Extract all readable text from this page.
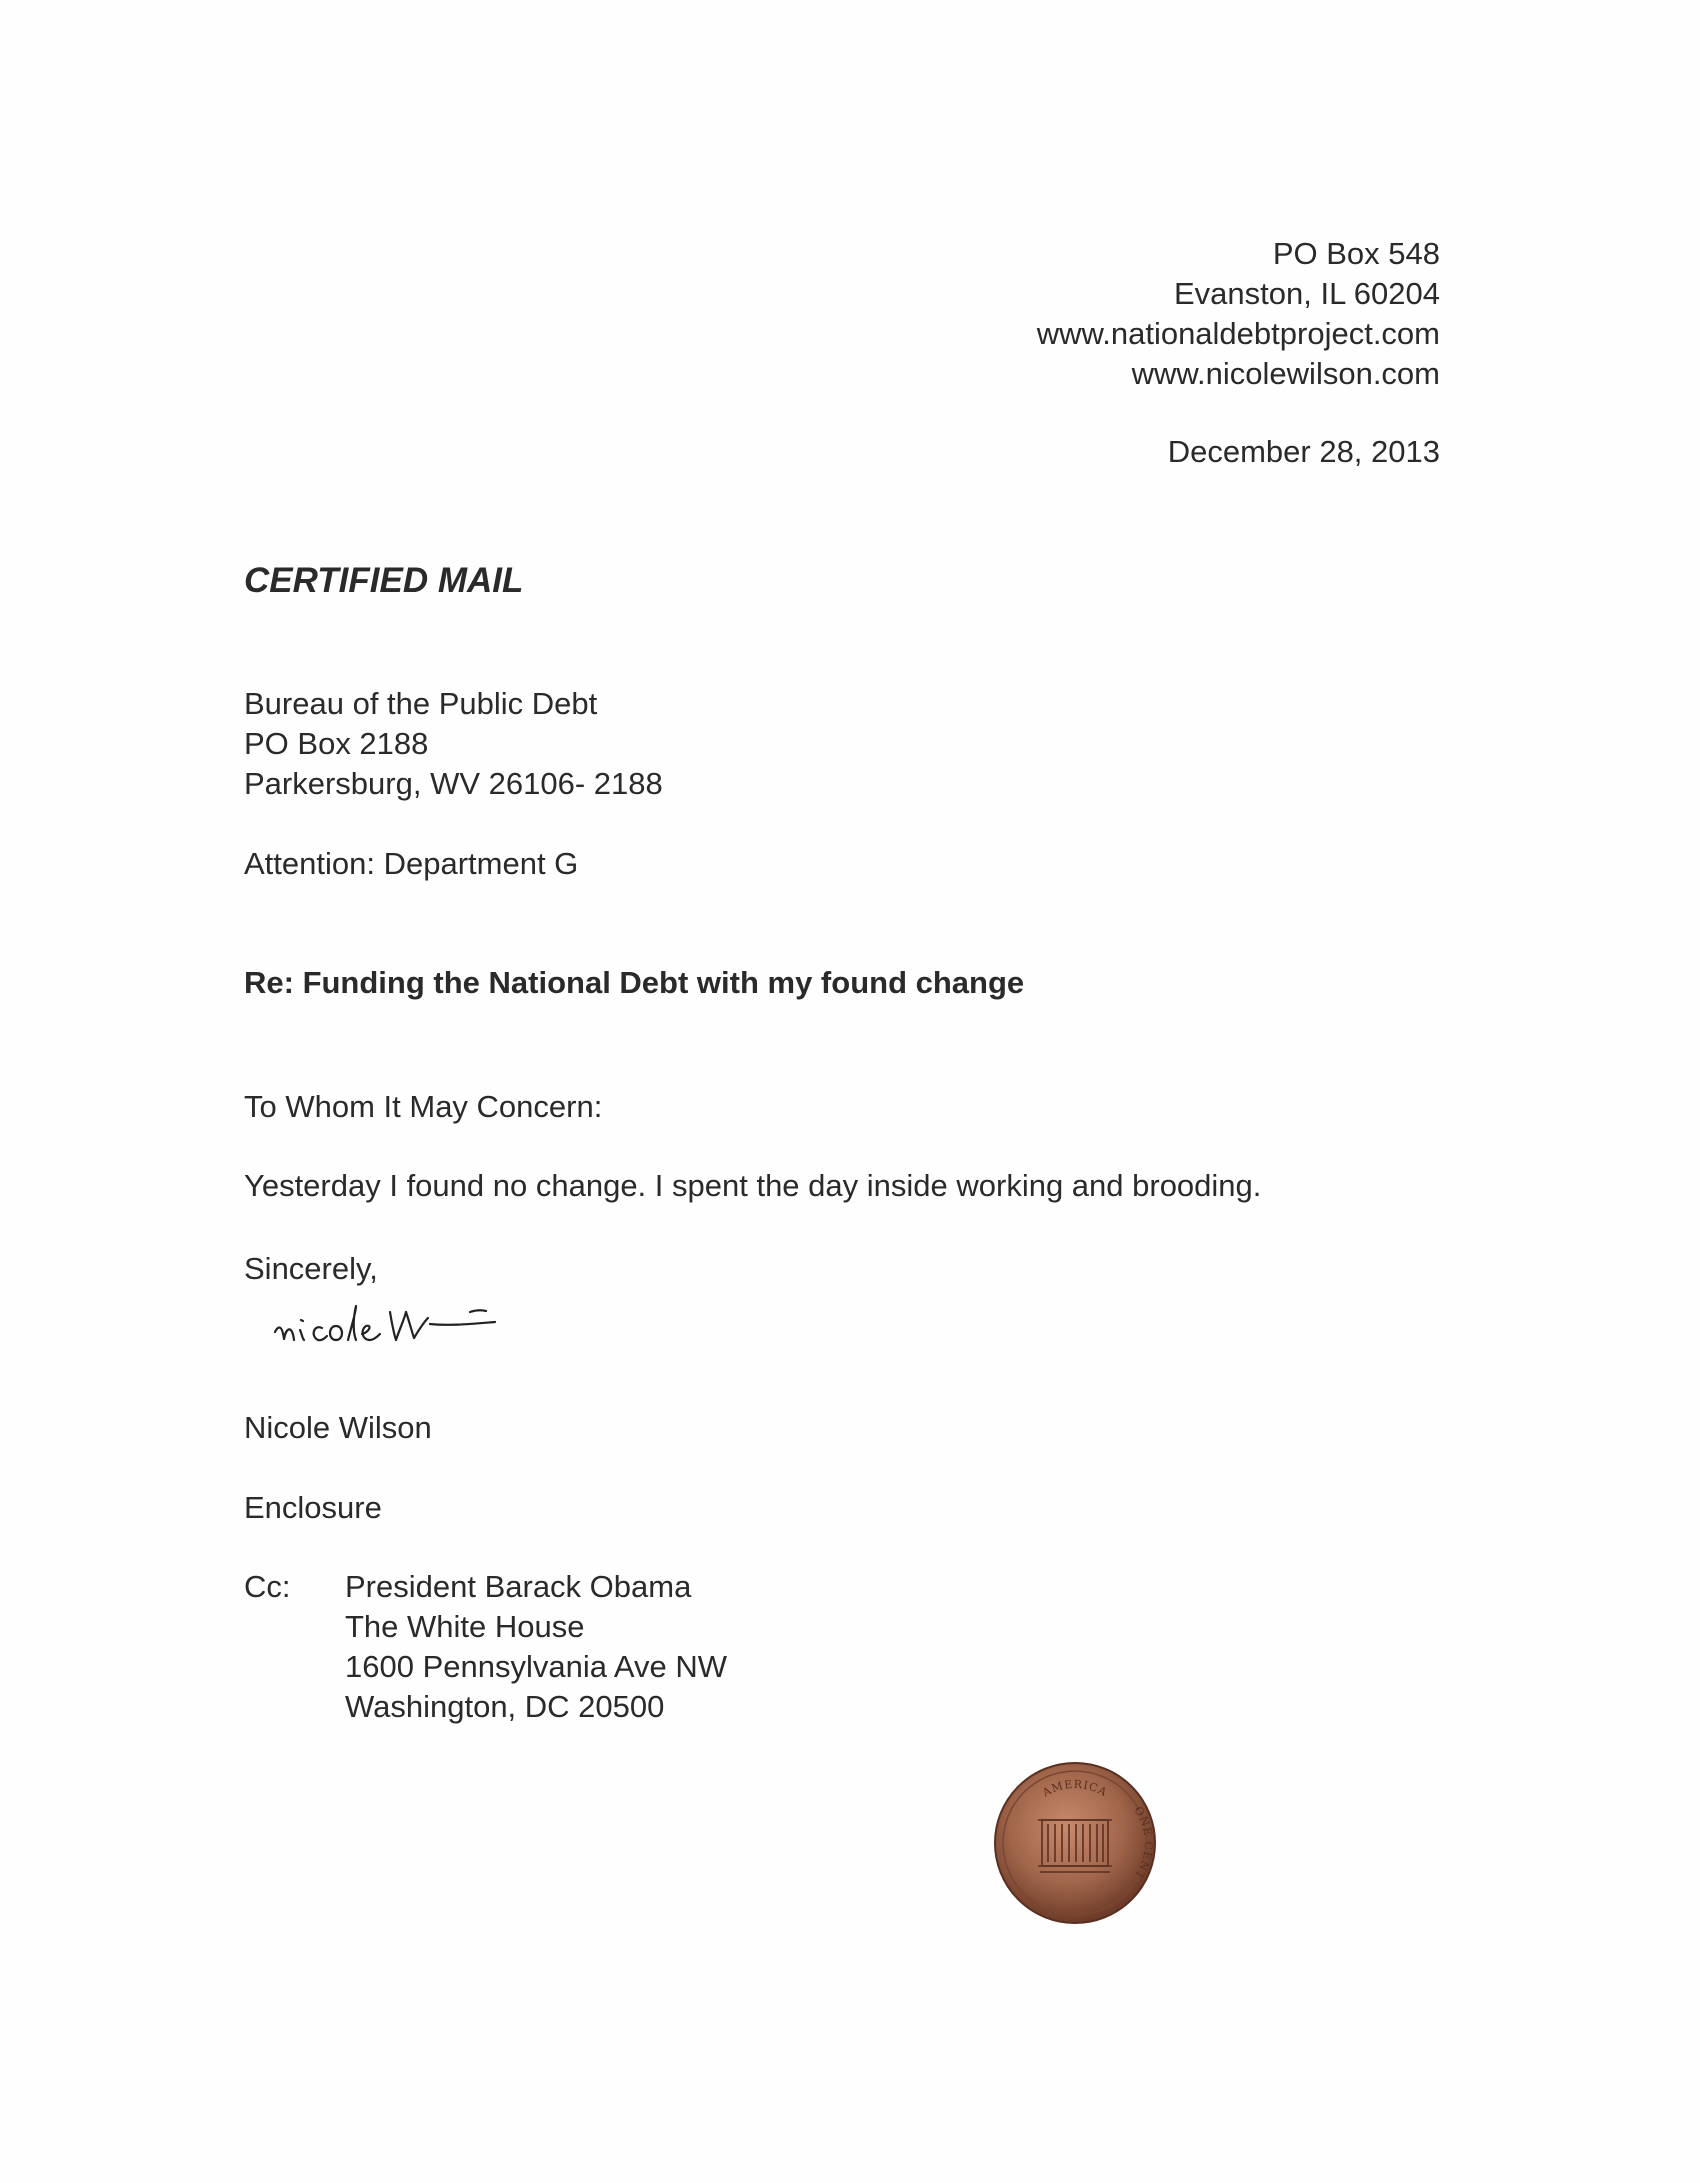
PO Box 548
Evanston, IL 60204
www.nationaldebtproject.com
www.nicolewilson.com
December 28, 2013
CERTIFIED MAIL
Bureau of the Public Debt
PO Box 2188
Parkersburg, WV 26106- 2188
Attention: Department G
Re: Funding the National Debt with my found change
To Whom It May Concern:
Yesterday I found no change. I spent the day inside working and brooding.
Sincerely,
Nicole Wilson
Enclosure
Cc: President Barack Obama
The White House
1600 Pennsylvania Ave NW
Washington, DC 20500
AMERICA
ONE CENT
